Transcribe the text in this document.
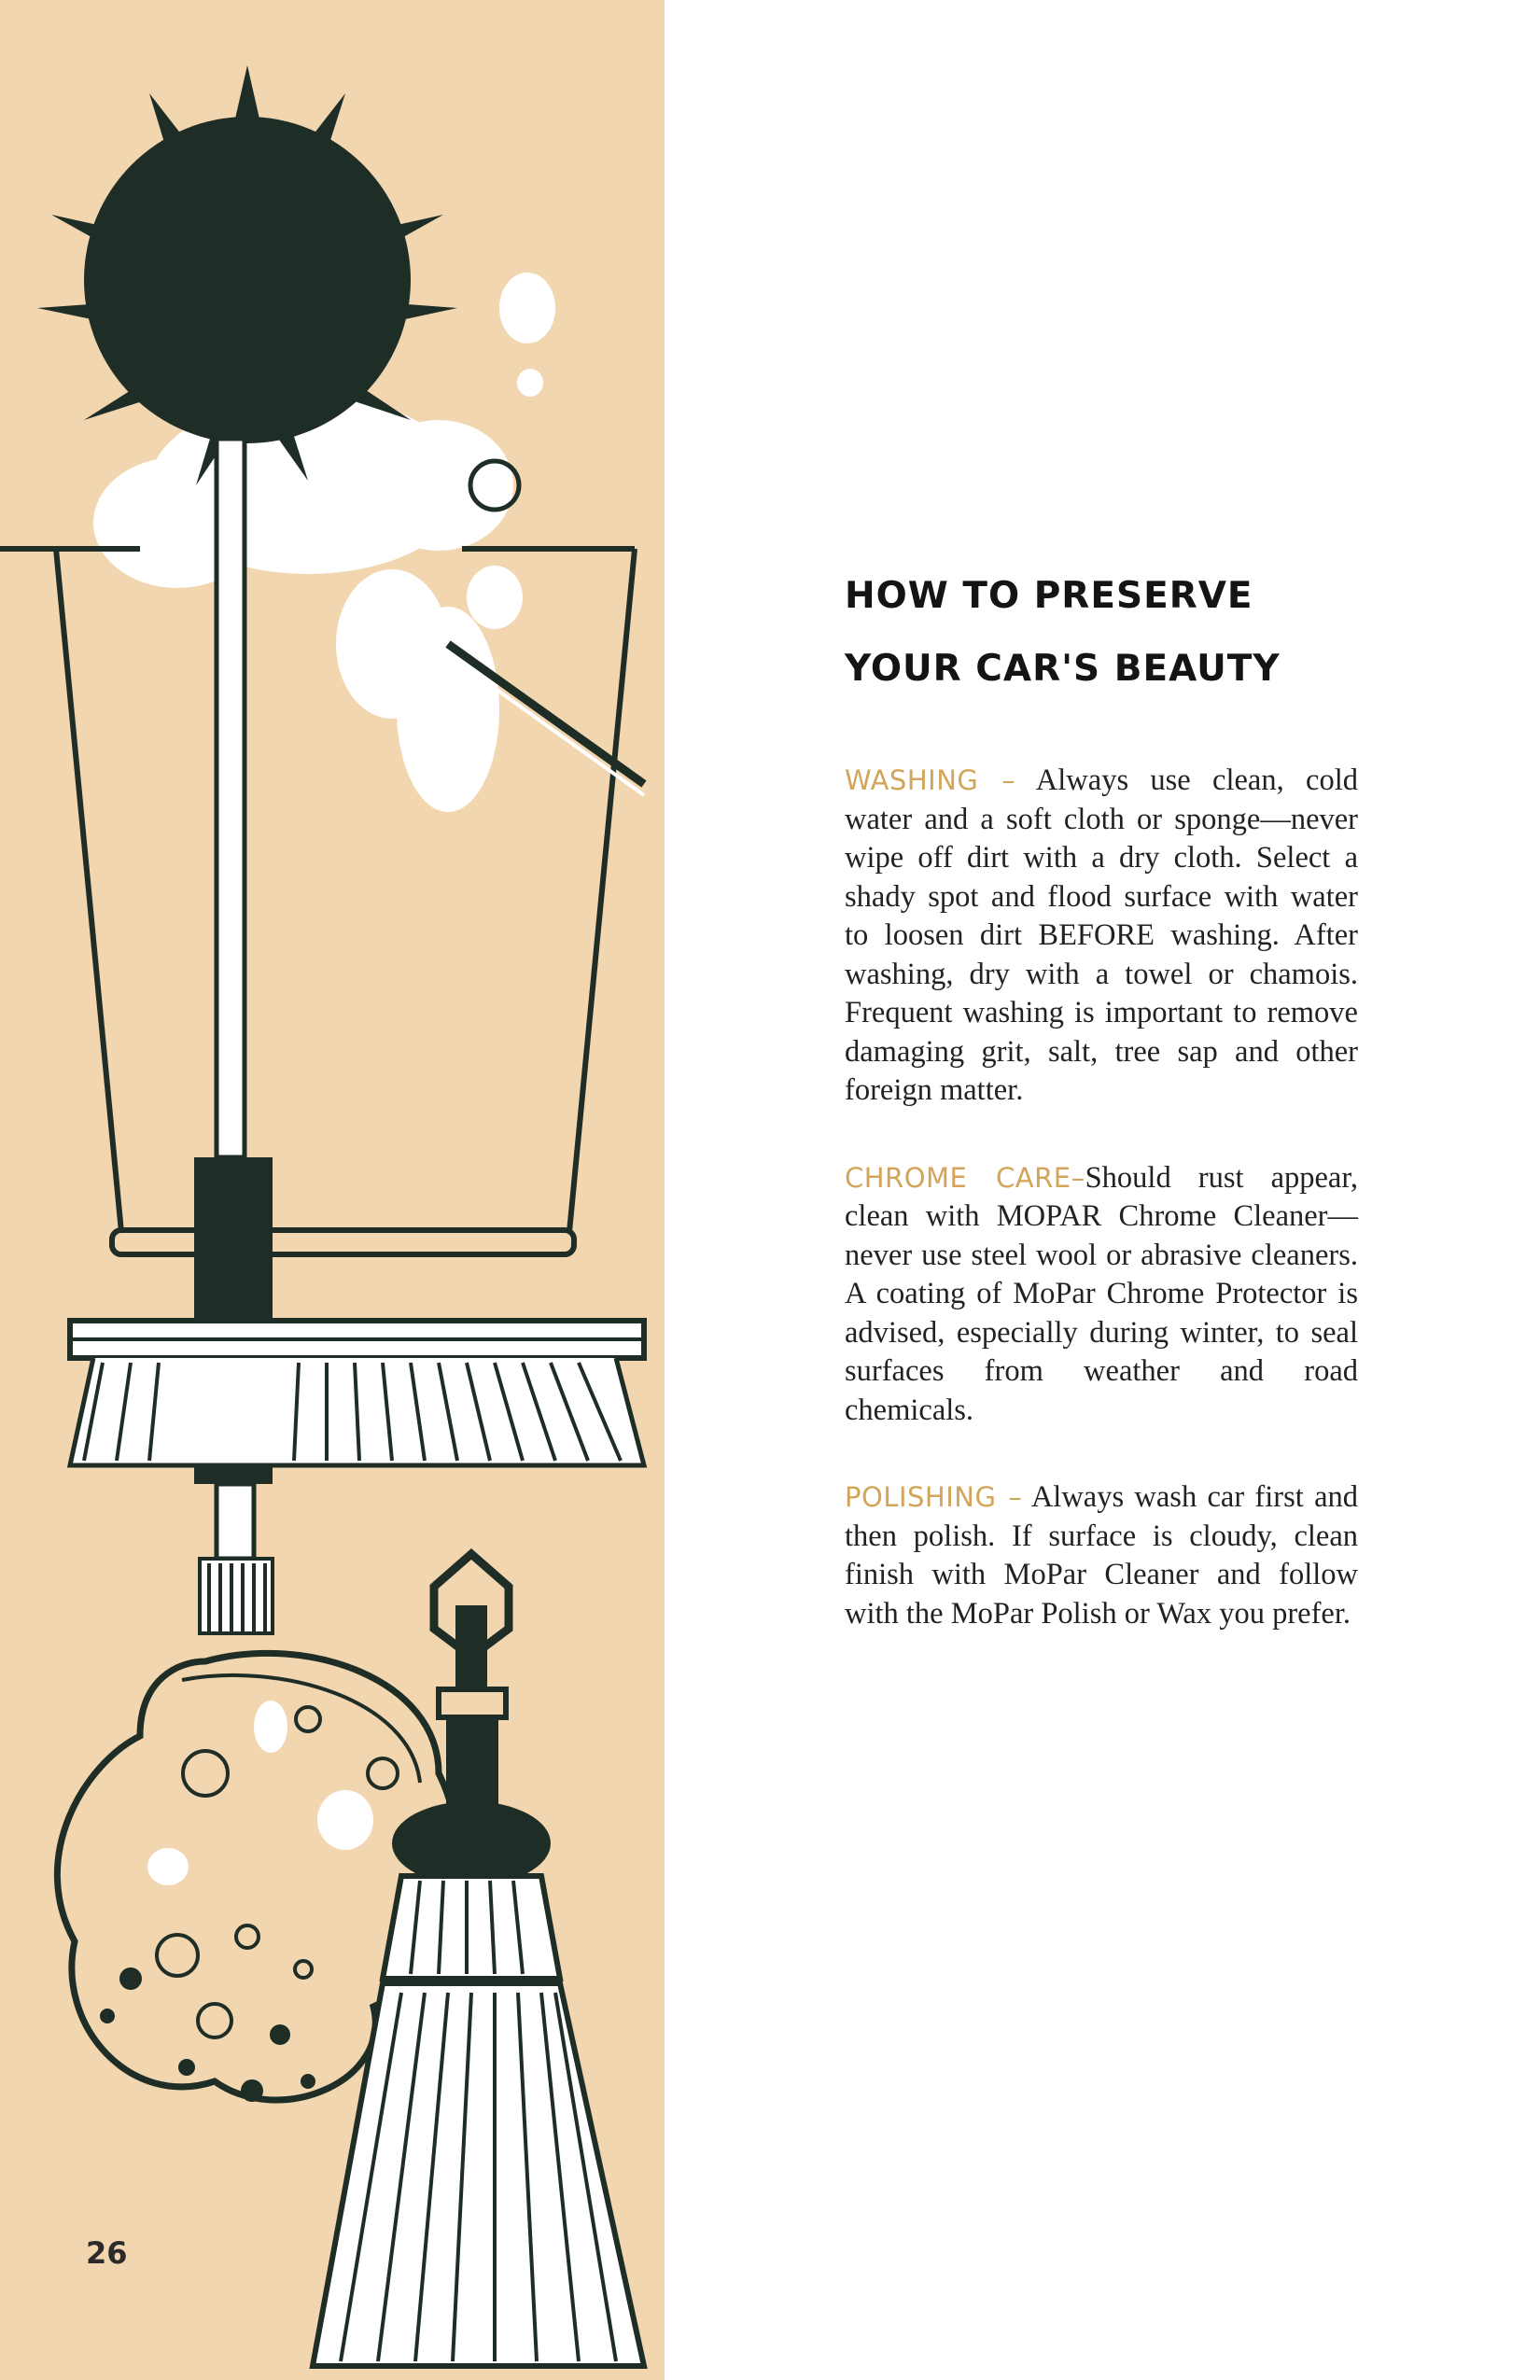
26
HOW TO PRESERVE
YOUR CAR'S BEAUTY

WASHING – Always use clean, cold water and a soft cloth or sponge—never wipe off dirt with a dry cloth. Select a shady spot and flood surface with water to loosen dirt BEFORE washing. After washing, dry with a towel or chamois. Frequent washing is important to remove damaging grit, salt, tree sap and other foreign matter.

CHROME CARE–Should rust appear, clean with MOPAR Chrome Cleaner—never use steel wool or abrasive cleaners. A coating of MoPar Chrome Protector is advised, especially during winter, to seal surfaces from weather and road chemicals.

POLISHING – Always wash car first and then polish. If surface is cloudy, clean finish with MoPar Cleaner and follow with the MoPar Polish or Wax you prefer.
